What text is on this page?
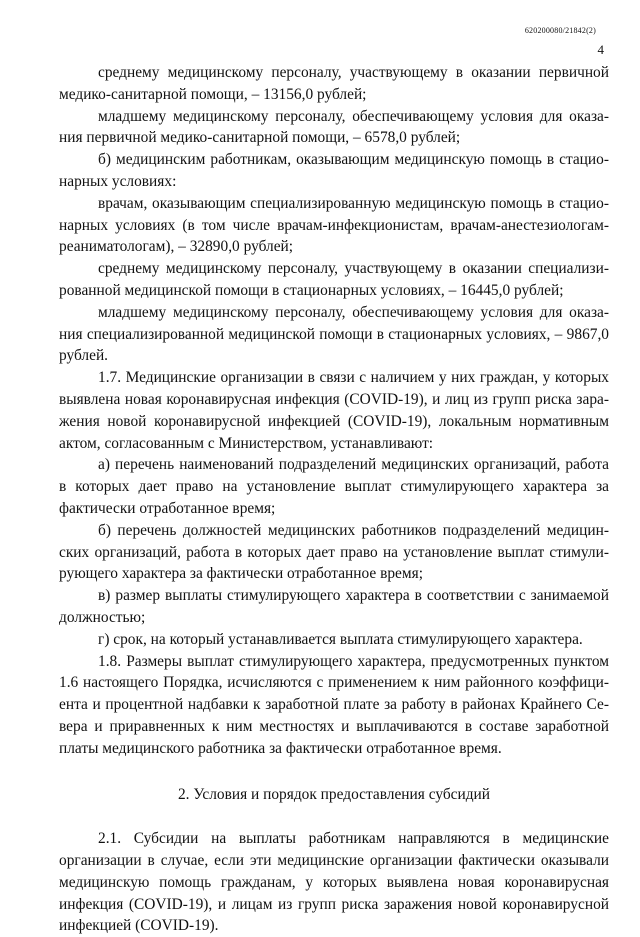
620200080/21842(2)
4

среднему медицинскому персоналу, участвующему в оказании первичной медико-санитарной помощи, – 13156,0 рублей;

младшему медицинскому персоналу, обеспечивающему условия для оказания первичной медико-санитарной помощи, – 6578,0 рублей;

б) медицинским работникам, оказывающим медицинскую помощь в стационарных условиях:

врачам, оказывающим специализированную медицинскую помощь в стационарных условиях (в том числе врачам-инфекционистам, врачам-анестезиологам-реаниматологам), – 32890,0 рублей;

среднему медицинскому персоналу, участвующему в оказании специализированной медицинской помощи в стационарных условиях, – 16445,0 рублей;

младшему медицинскому персоналу, обеспечивающему условия для оказания специализированной медицинской помощи в стационарных условиях, – 9867,0 рублей.

1.7. Медицинские организации в связи с наличием у них граждан, у которых выявлена новая коронавирусная инфекция (COVID-19), и лиц из групп риска заражения новой коронавирусной инфекцией (COVID-19), локальным нормативным актом, согласованным с Министерством, устанавливают:

а) перечень наименований подразделений медицинских организаций, работа в которых дает право на установление выплат стимулирующего характера за фактически отработанное время;

б) перечень должностей медицинских работников подразделений медицинских организаций, работа в которых дает право на установление выплат стимулирующего характера за фактически отработанное время;

в) размер выплаты стимулирующего характера в соответствии с занимаемой должностью;

г) срок, на который устанавливается выплата стимулирующего характера.

1.8. Размеры выплат стимулирующего характера, предусмотренных пунктом 1.6 настоящего Порядка, исчисляются с применением к ним районного коэффициента и процентной надбавки к заработной плате за работу в районах Крайнего Севера и приравненных к ним местностях и выплачиваются в составе заработной платы медицинского работника за фактически отработанное время.

2. Условия и порядок предоставления субсидий

2.1. Субсидии на выплаты работникам направляются в медицинские организации в случае, если эти медицинские организации фактически оказывали медицинскую помощь гражданам, у которых выявлена новая коронавирусная инфекция (COVID-19), и лицам из групп риска заражения новой коронавирусной инфекцией (COVID-19).
